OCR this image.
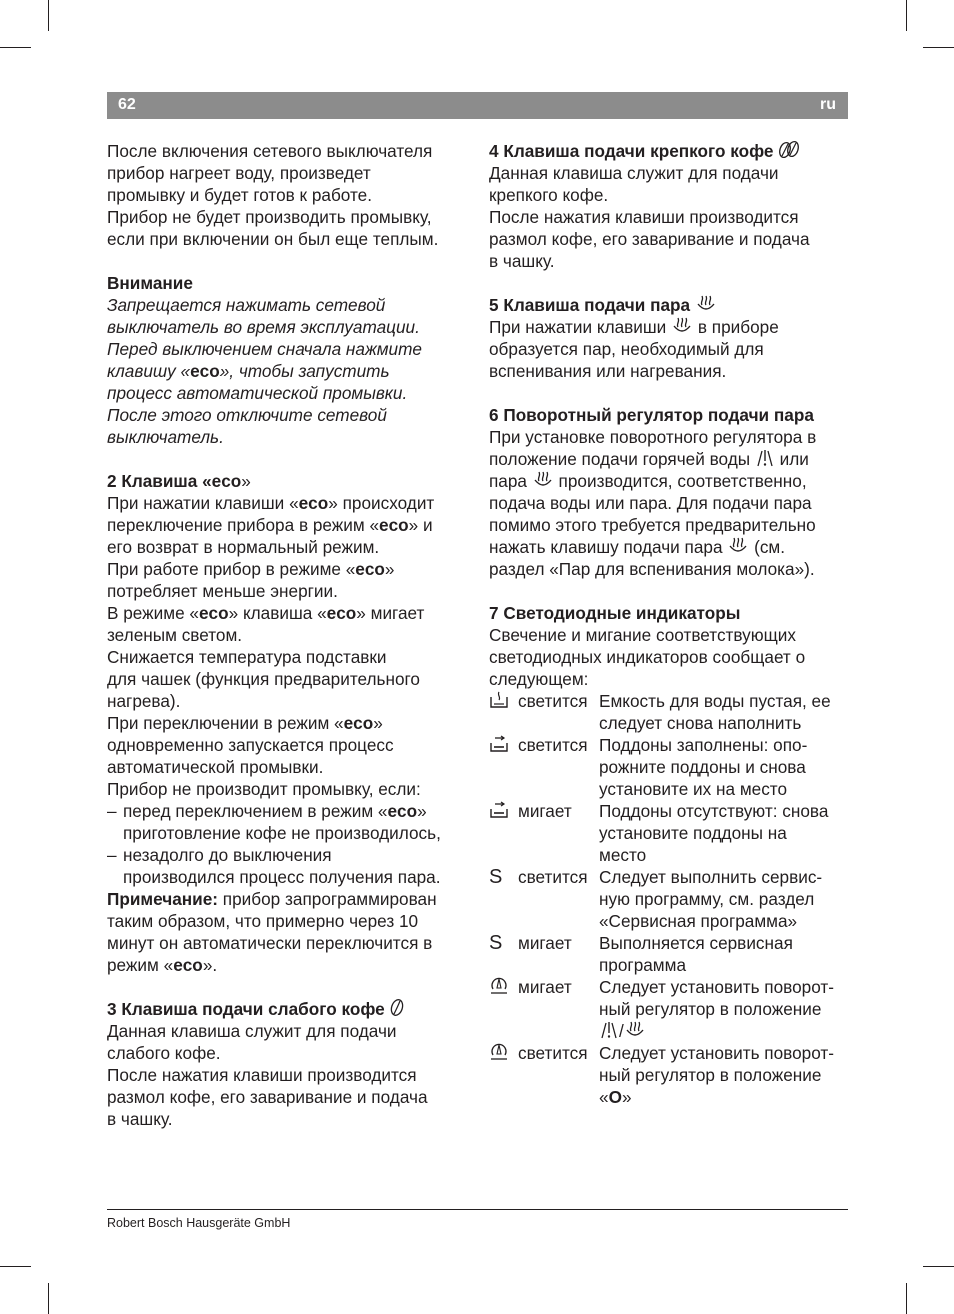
62	ru

После включения сетевого выключателя

прибор нагреет воду, произведет

промывку и будет готов к работе.

Прибор не будет производить промывку,

если при включении он был еще теплым.

Внимание

Запрещается нажимать сетевой

выключатель во время эксплуатации.

Перед выключением сначала нажмите

клавишу «eco», чтобы запустить

процесс автоматической промывки.

После этого отключите сетевой

выключатель.

2 Клавиша «eco»

При нажатии клавиши «eco» происходит

переключение прибора в режим «eco» и

его возврат в нормальный режим.

При работе прибор в режиме «eco»

потребляет меньше энергии.

В режиме «eco» клавиша «eco» мигает

зеленым светом.

Снижается температура подставки

для чашек (функция предварительного

нагрева).

При переключении в режим «eco»

одновременно запускается процесс

автоматической промывки.

Прибор не производит промывку, если:

– перед переключением в режим «eco»

приготовление кофе не производилось,

– незадолго до выключения

производился процесс получения пара.

Примечание: прибор запрограммирован

таким образом, что примерно через 10

минут он автоматически переключится в

режим «eco».

3 Клавиша подачи слабого кофе

Данная клавиша служит для подачи

слабого кофе.

После нажатия клавиши производится

размол кофе, его заваривание и подача

в чашку.

4 Клавиша подачи крепкого кофе

Данная клавиша служит для подачи

крепкого кофе.

После нажатия клавиши производится

размол кофе, его заваривание и подача

в чашку.

5 Клавиша подачи пара

При нажатии клавиши
в приборе

образуется пар, необходимый для

вспенивания или нагревания.

6 Поворотный регулятор подачи пара

При установке поворотного регулятора в

положение подачи горячей воды
или

пара
производится, соответственно,

подача воды или пара. Для подачи пара

помимо этого требуется предварительно

нажать клавишу подачи пара
(см.

раздел «Пар для вспенивания молока»).

7 Светодиодные индикаторы

Свечение и мигание соответствующих

светодиодных индикаторов сообщает о

следующем:

	светится	Емкость для воды пустая, ее
следует снова наполнить

	светится	Поддоны заполнены: опо-
рожните поддоны и снова
установите их на место

	мигает	Поддоны отсутствуют: снова
установите поддоны на
место

S	светится	Следует выполнить сервис-
ную программу, см. раздел
«Сервисная программа»

S	мигает	Выполняется сервисная
программа

	мигает	Следует установить поворот-
ный регулятор в положение
/

	светится	Следует установить поворот-
ный регулятор в положение
«O»
Robert Bosch Hausgeräte GmbH
